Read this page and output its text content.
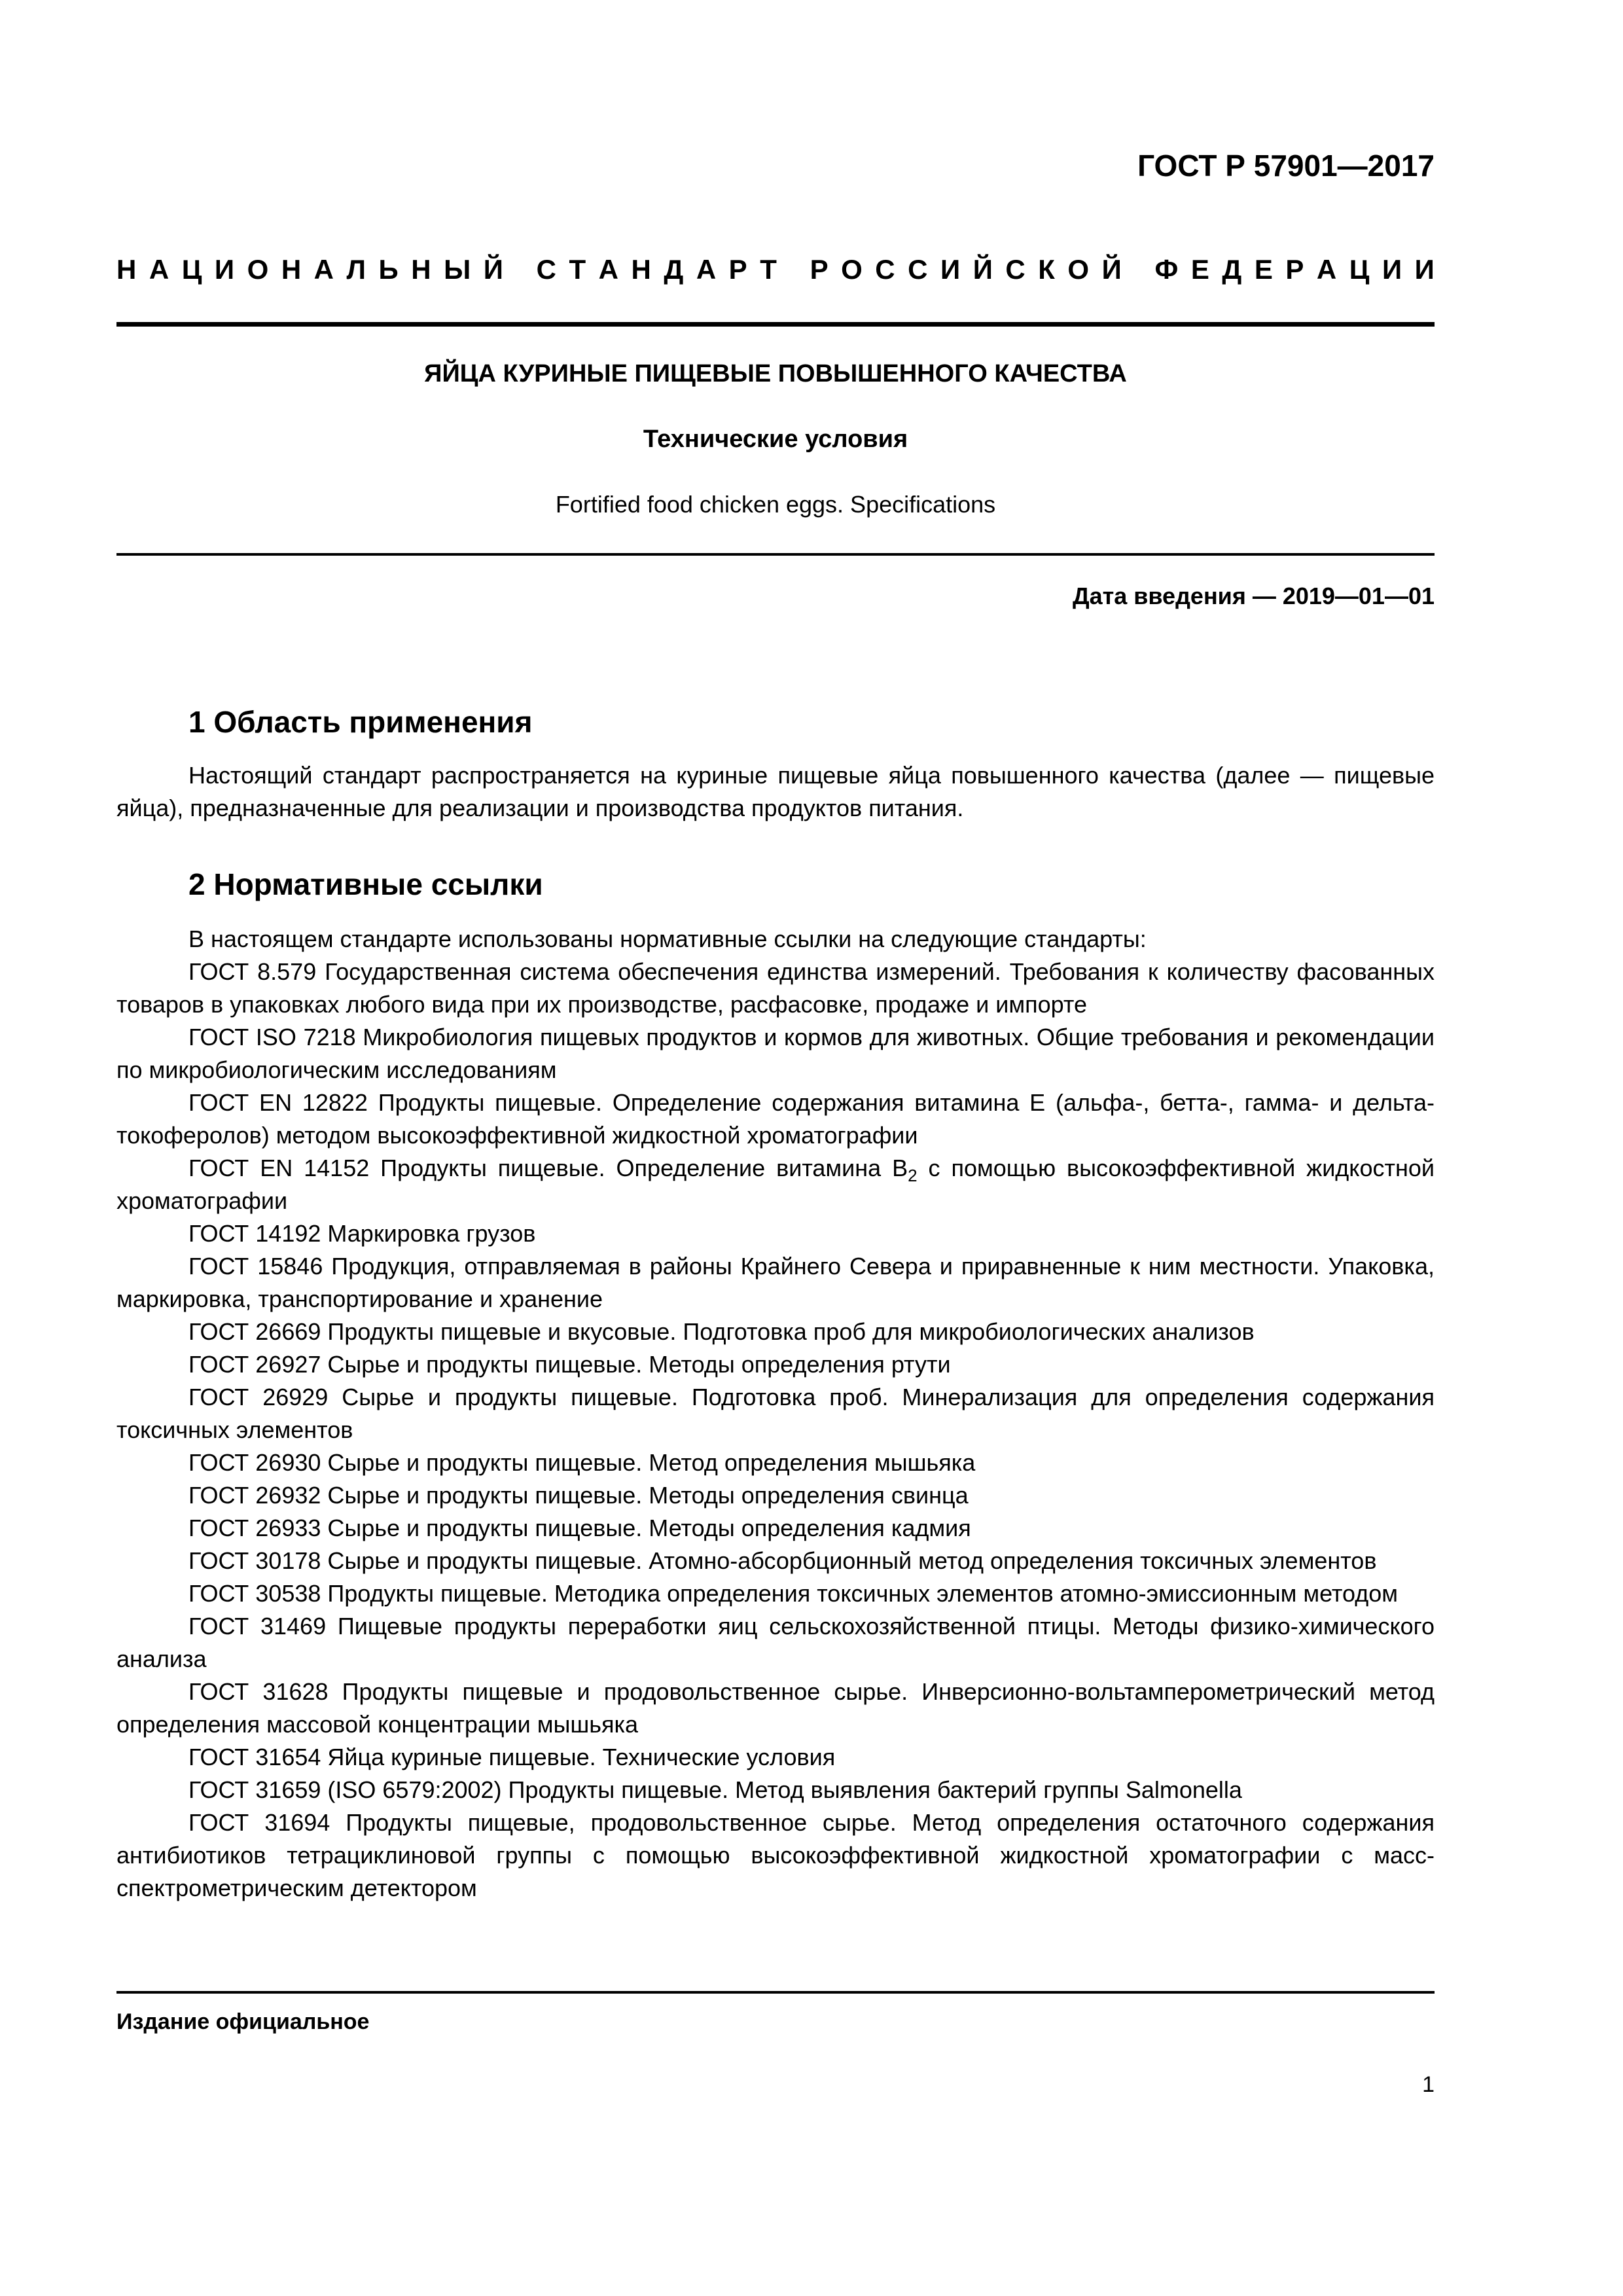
ГОСТ Р 57901—2017
Н А Ц И О Н А Л Ь Н Ы Й
С Т А Н Д А Р Т
Р О С С И Й С К О Й
Ф Е Д Е Р А Ц И И
ЯЙЦА КУРИНЫЕ ПИЩЕВЫЕ ПОВЫШЕННОГО КАЧЕСТВА
Технические условия
Fortified food chicken eggs. Specifications
Дата введения — 2019—01—01
1 Область применения

Настоящий стандарт распространяется на куриные пищевые яйца повышенного качества (далее — пищевые яйца), предназначенные для реализации и производства продуктов питания.

2 Нормативные ссылки

В настоящем стандарте использованы нормативные ссылки на следующие стандарты:

ГОСТ 8.579 Государственная система обеспечения единства измерений. Требования к количеству фасованных товаров в упаковках любого вида при их производстве, расфасовке, продаже и импорте

ГОСТ ISO 7218 Микробиология пищевых продуктов и кормов для животных. Общие требования и рекомендации по микробиологическим исследованиям

ГОСТ EN 12822 Продукты пищевые. Определение содержания витамина E (альфа-, бетта-, гамма- и дельта-токоферолов) методом высокоэффективной жидкостной хроматографии

ГОСТ EN 14152 Продукты пищевые. Определение витамина $B_2$ с помощью высокоэффективной жидкостной хроматографии

ГОСТ 14192 Маркировка грузов

ГОСТ 15846 Продукция, отправляемая в районы Крайнего Севера и приравненные к ним местности. Упаковка, маркировка, транспортирование и хранение

ГОСТ 26669 Продукты пищевые и вкусовые. Подготовка проб для микробиологических анализов

ГОСТ 26927 Сырье и продукты пищевые. Методы определения ртути

ГОСТ 26929 Сырье и продукты пищевые. Подготовка проб. Минерализация для определения содержания токсичных элементов

ГОСТ 26930 Сырье и продукты пищевые. Метод определения мышьяка

ГОСТ 26932 Сырье и продукты пищевые. Методы определения свинца

ГОСТ 26933 Сырье и продукты пищевые. Методы определения кадмия

ГОСТ 30178 Сырье и продукты пищевые. Атомно-абсорбционный метод определения токсичных элементов

ГОСТ 30538 Продукты пищевые. Методика определения токсичных элементов атомно-эмиссионным методом

ГОСТ 31469 Пищевые продукты переработки яиц сельскохозяйственной птицы. Методы физико-химического анализа

ГОСТ 31628 Продукты пищевые и продовольственное сырье. Инверсионно-вольтамперометрический метод определения массовой концентрации мышьяка

ГОСТ 31654 Яйца куриные пищевые. Технические условия

ГОСТ 31659 (ISO 6579:2002) Продукты пищевые. Метод выявления бактерий группы Salmonella

ГОСТ 31694 Продукты пищевые, продовольственное сырье. Метод определения остаточного содержания антибиотиков тетрациклиновой группы с помощью высокоэффективной жидкостной хроматографии с масс-спектрометрическим детектором

Издание официальное
1
